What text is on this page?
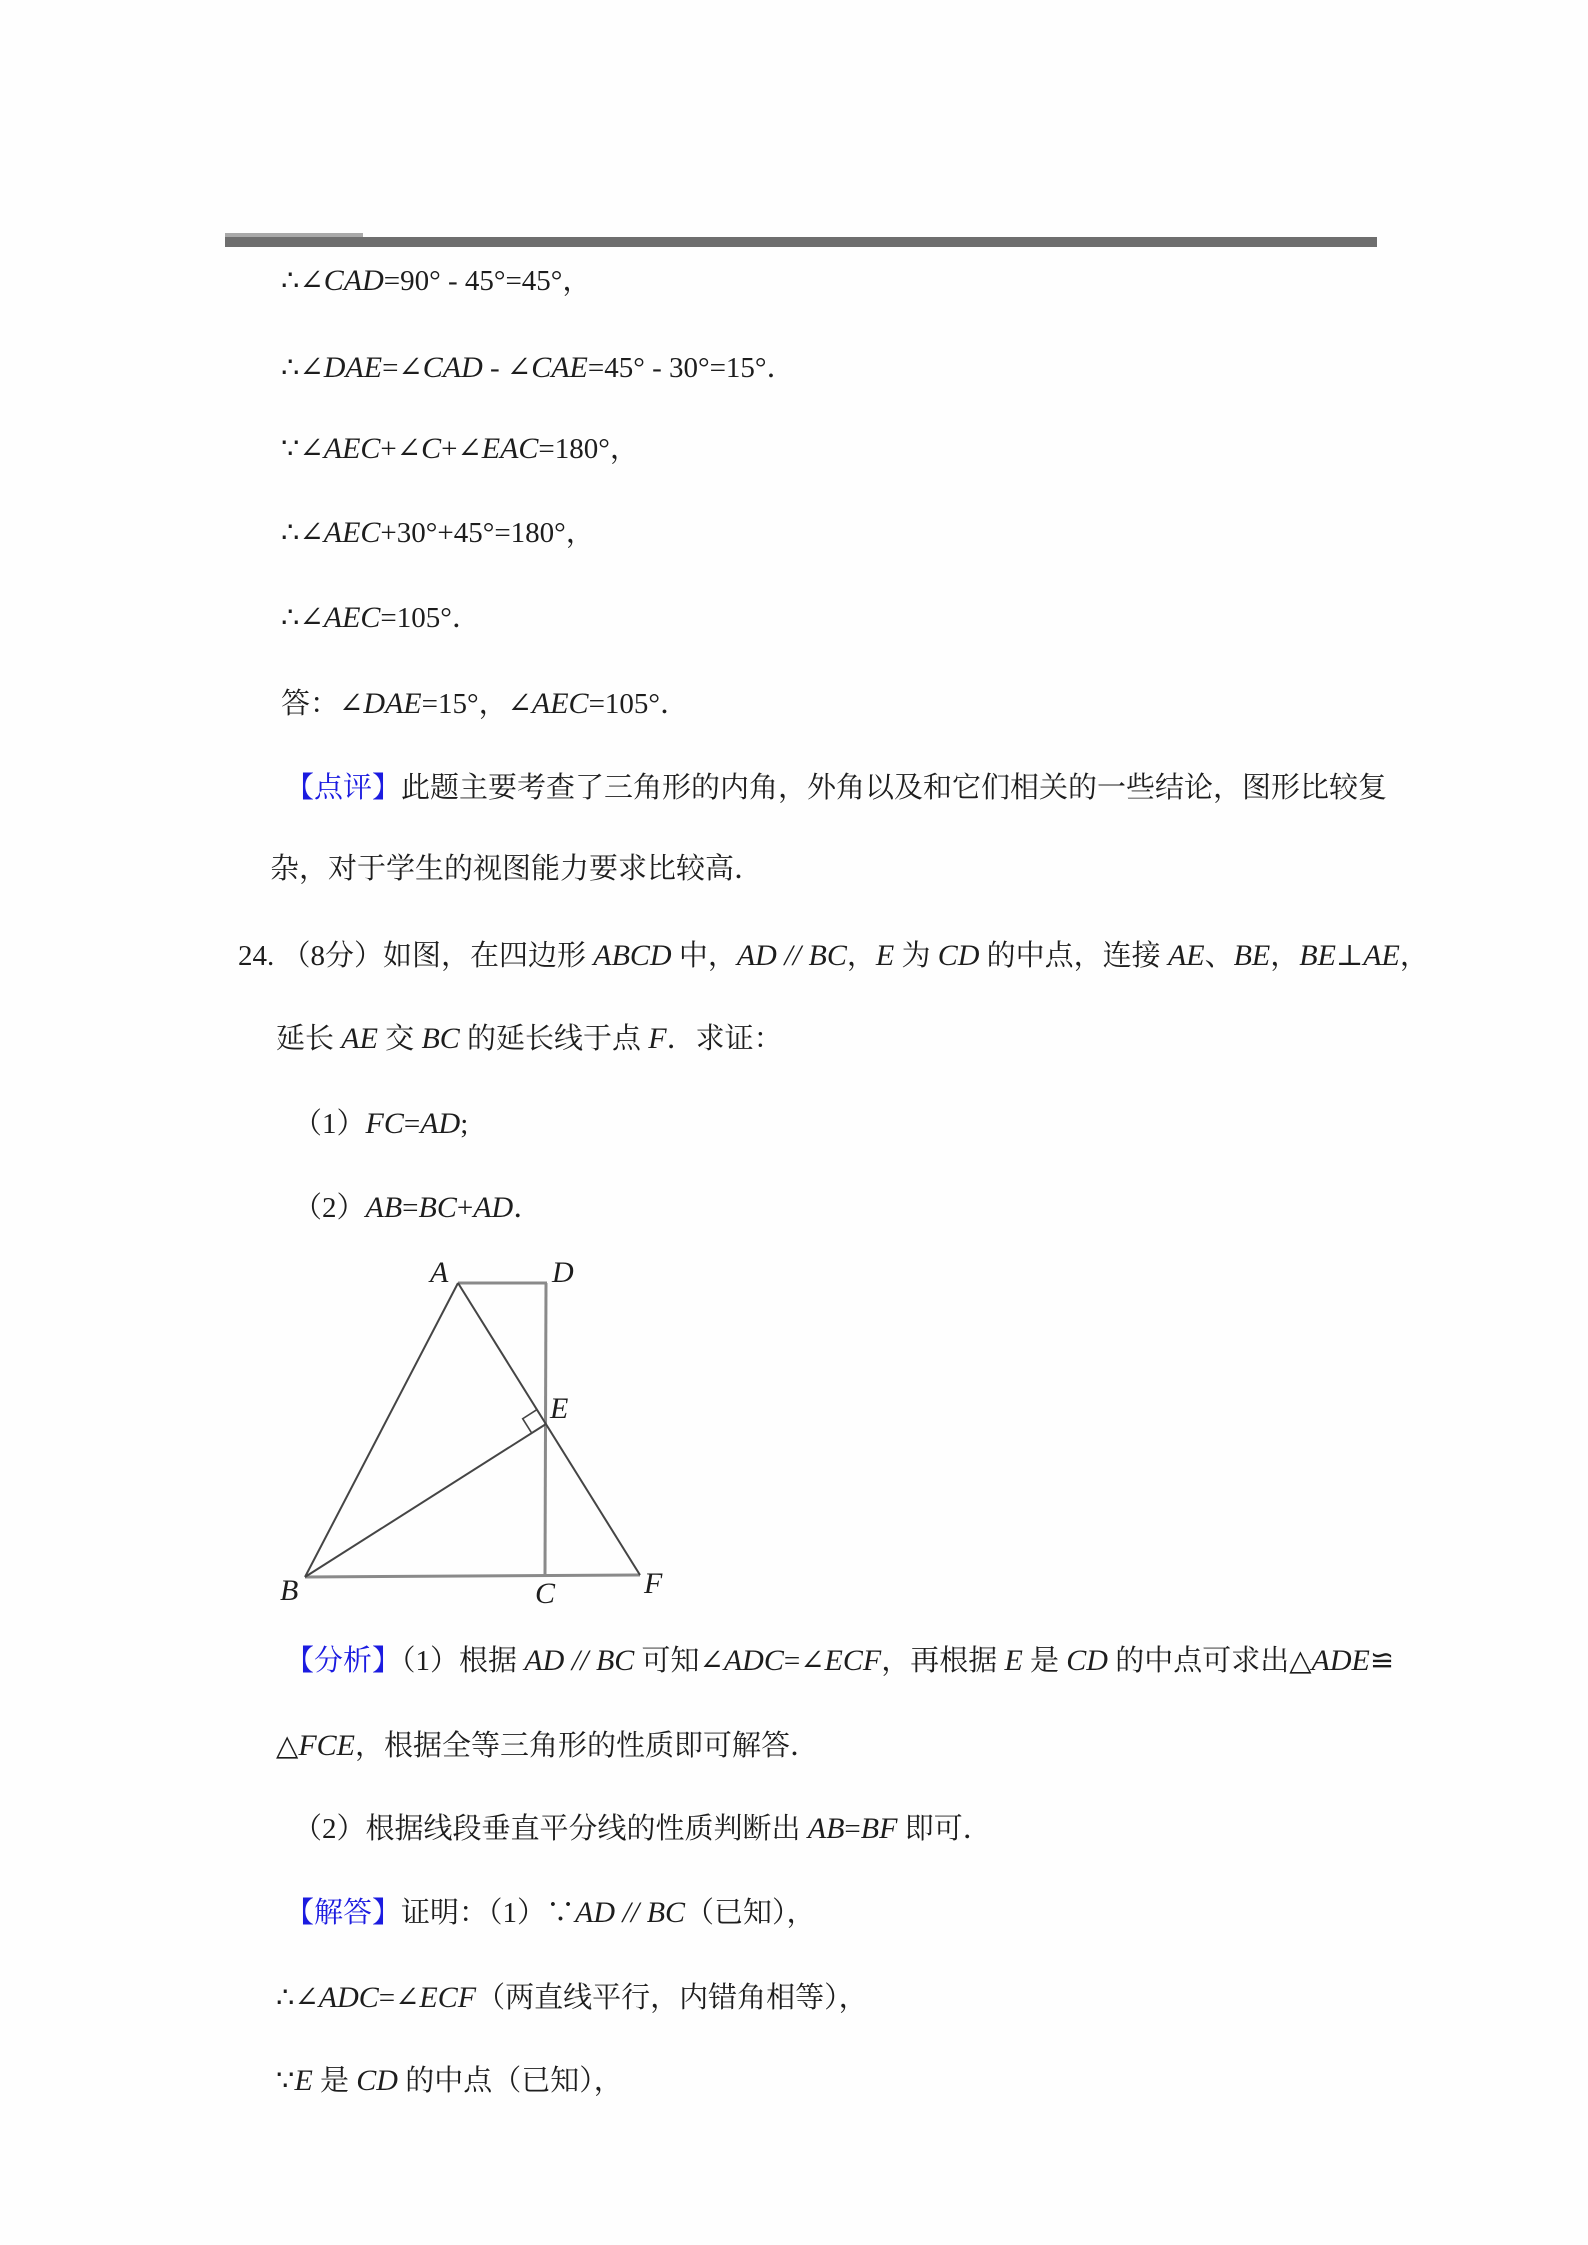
∴∠CAD=90° - 45°=45°，

∴∠DAE=∠CAD - ∠CAE=45° - 30°=15°．

∵∠AEC+∠C+∠EAC=180°，

∴∠AEC+30°+45°=180°，

∴∠AEC=105°．

答：∠DAE=15°，∠AEC=105°．

【点评】此题主要考查了三角形的内角，外角以及和它们相关的一些结论，图形比较复

杂，对于学生的视图能力要求比较高．

24. （8分）如图，在四边形 ABCD 中，AD // BC，E 为 CD 的中点，连接 AE、BE，BE⊥AE，

延长 AE 交 BC 的延长线于点 F．求证：

（1）FC=AD;

（2）AB=BC+AD．

【分析】（1）根据 AD // BC 可知∠ADC=∠ECF，再根据 E 是 CD 的中点可求出△ADE≌

△FCE，根据全等三角形的性质即可解答．

（2）根据线段垂直平分线的性质判断出 AB=BF 即可．

【解答】证明：（1）∵AD // BC（已知），

∴∠ADC=∠ECF（两直线平行，内错角相等），

∵E 是 CD 的中点（已知），

A	D
E
B	C	F
